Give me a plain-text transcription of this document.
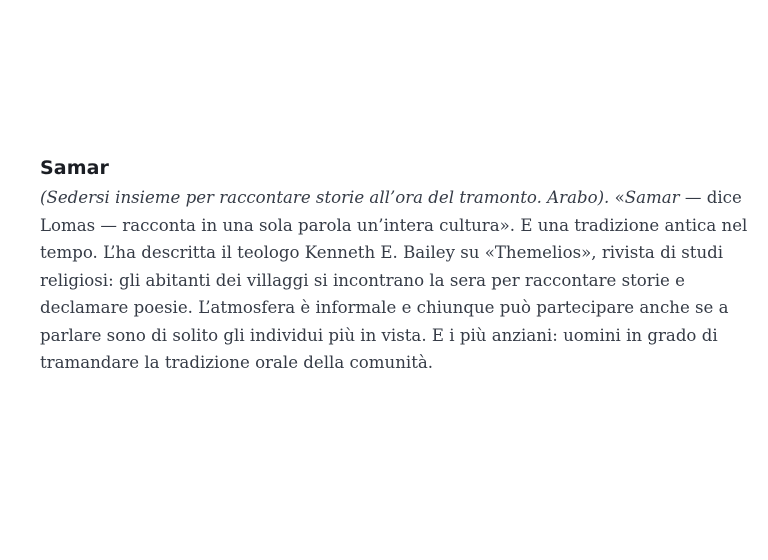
Samar

(Sedersi insieme per raccontare storie all’ora del tramonto. Arabo). «Samar — dice Lomas — racconta in una sola parola un’intera cultura». E una tradizione antica nel tempo. L’ha descritta il teologo Kenneth E. Bailey su «Themelios», rivista di studi religiosi: gli abitanti dei villaggi si incontrano la sera per raccontare storie e declamare poesie. L’atmosfera è informale e chiunque può partecipare anche se a parlare sono di solito gli individui più in vista. E i più anziani: uomini in grado di tramandare la tradizione orale della comunità.
